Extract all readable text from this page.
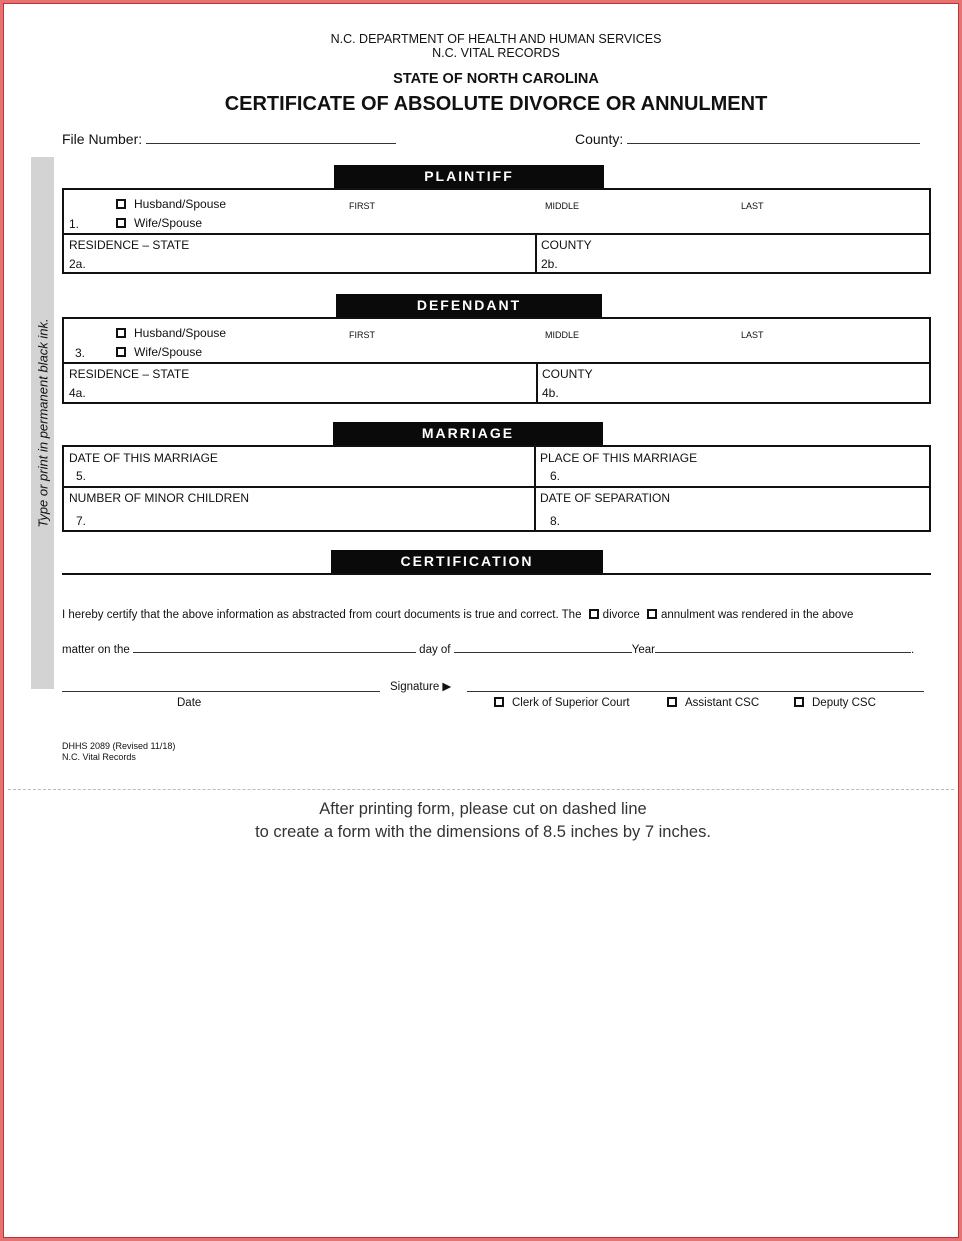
N.C. DEPARTMENT OF HEALTH AND HUMAN SERVICES
N.C. VITAL RECORDS
STATE OF NORTH CAROLINA
CERTIFICATE OF ABSOLUTE DIVORCE OR ANNULMENT
File Number:	County:
Type or print in permanent black ink.
PLAINTIFF
Husband/Spouse
1.	Wife/Spouse
FIRST	MIDDLE	LAST
RESIDENCE – STATE
2a.
COUNTY
2b.
DEFENDANT
Husband/Spouse
3.	Wife/Spouse
FIRST	MIDDLE	LAST
RESIDENCE – STATE
4a.
COUNTY
4b.
MARRIAGE
DATE OF THIS MARRIAGE
5.
PLACE OF THIS MARRIAGE
6.
NUMBER OF MINOR CHILDREN
7.
DATE OF SEPARATION
8.
CERTIFICATION
I hereby certify that the above information as abstracted from court documents is true and correct. The divorce annulment was rendered in the above
matter on the	day of	Year	.
Signature ▶
Date	Clerk of Superior Court	Assistant CSC	Deputy CSC
DHHS 2089 (Revised 11/18)
N.C. Vital Records
After printing form, please cut on dashed line
to create a form with the dimensions of 8.5 inches by 7 inches.
